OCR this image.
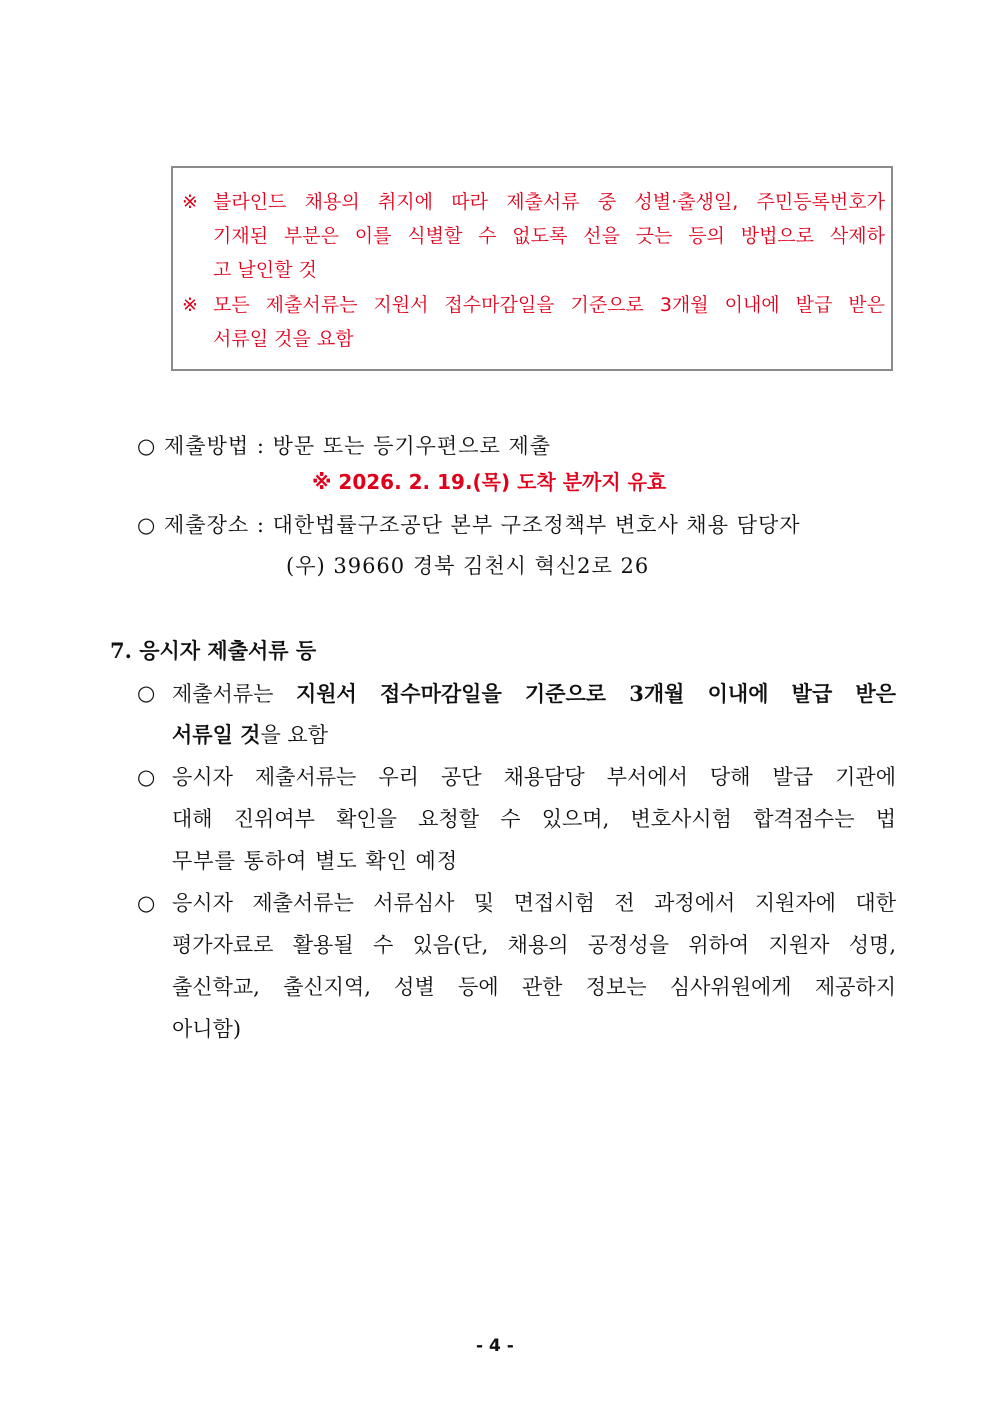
※ 블라인드 채용의 취지에 따라 제출서류 중 성별·출생일, 주민등록번호가
기재된 부분은 이를 식별할 수 없도록 선을 긋는 등의 방법으로 삭제하
고 날인할 것
※ 모든 제출서류는 지원서 접수마감일을 기준으로 3개월 이내에 발급 받은
서류일 것을 요함
○ 제출방법 : 방문 또는 등기우편으로 제출
※ 2026. 2. 19.(목) 도착 분까지 유효
○ 제출장소 : 대한법률구조공단 본부 구조정책부 변호사 채용 담당자
(우) 39660 경북 김천시 혁신2로 26
7. 응시자 제출서류 등
○ 제출서류는 지원서 접수마감일을 기준으로 3개월 이내에 발급 받은
서류일 것을 요함
○ 응시자 제출서류는 우리 공단 채용담당 부서에서 당해 발급 기관에
대해 진위여부 확인을 요청할 수 있으며, 변호사시험 합격점수는 법
무부를 통하여 별도 확인 예정
○ 응시자 제출서류는 서류심사 및 면접시험 전 과정에서 지원자에 대한
평가자료로 활용될 수 있음(단, 채용의 공정성을 위하여 지원자 성명,
출신학교, 출신지역, 성별 등에 관한 정보는 심사위원에게 제공하지
아니함)
- 4 -
